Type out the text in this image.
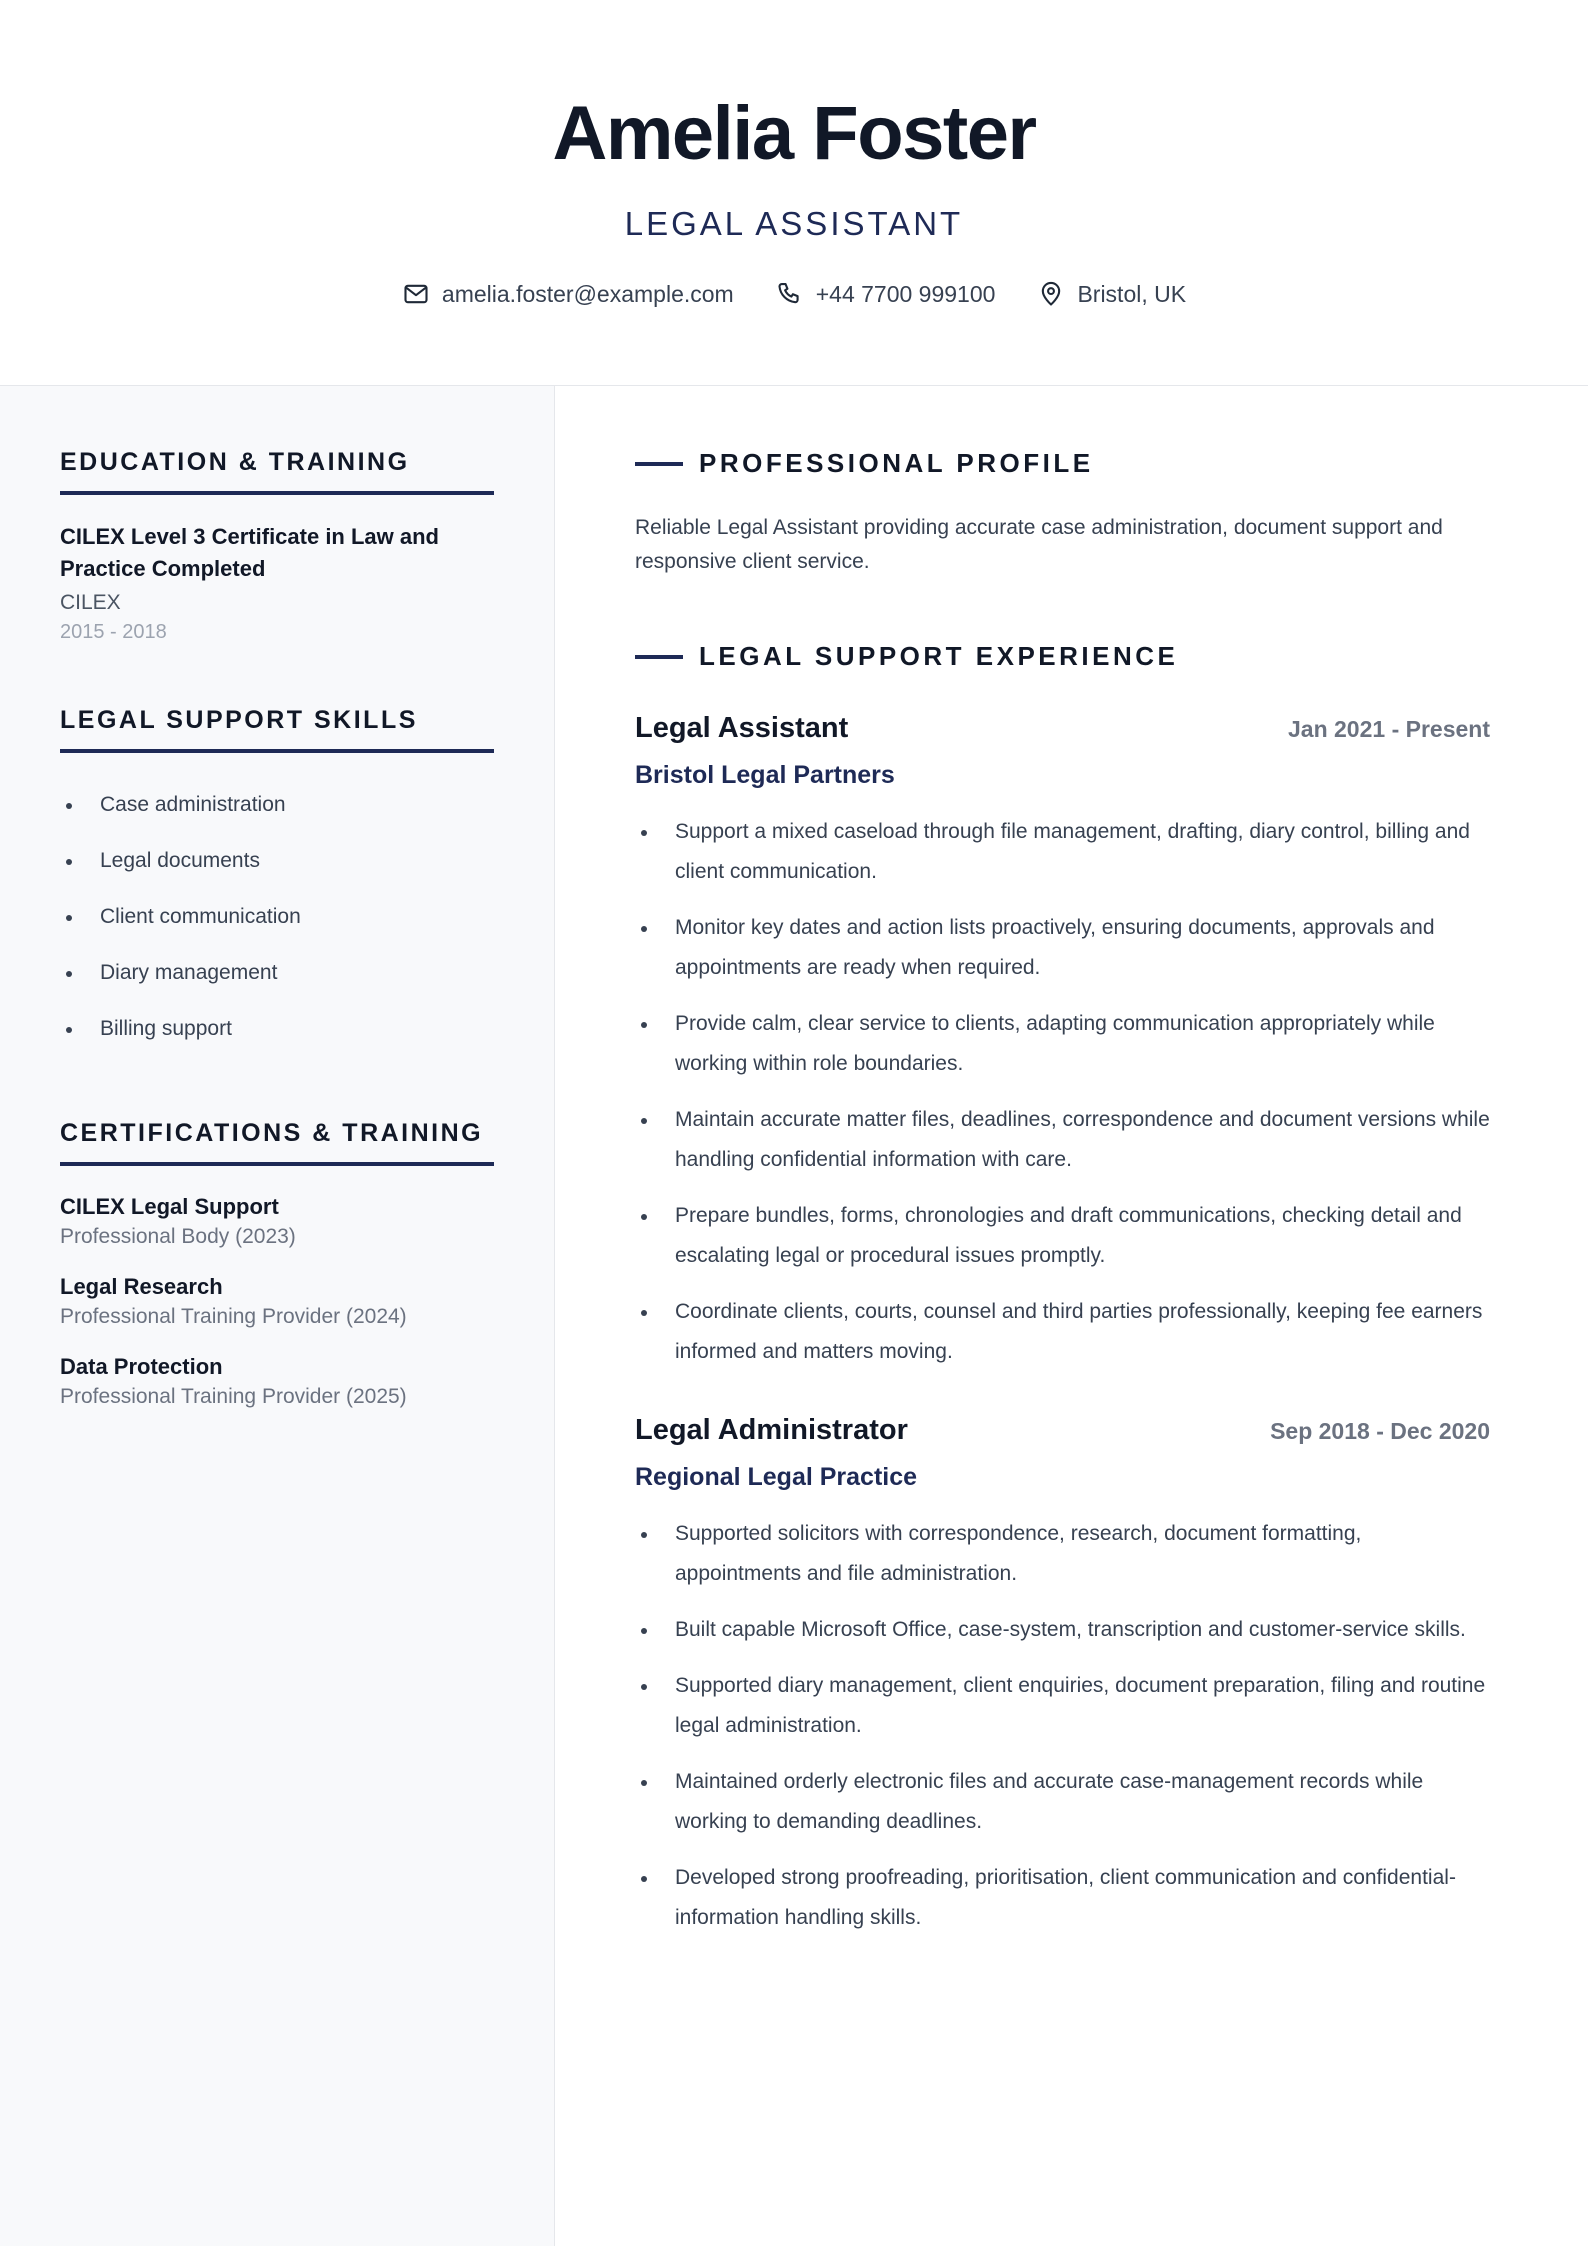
Amelia Foster
LEGAL ASSISTANT
amelia.foster@example.com	+44 7700 999100	Bristol, UK
EDUCATION & TRAINING
CILEX Level 3 Certificate in Law and Practice Completed
CILEX
2015 - 2018
LEGAL SUPPORT SKILLS
Case administration
Legal documents
Client communication
Diary management
Billing support
CERTIFICATIONS & TRAINING
CILEX Legal Support
Professional Body (2023)
Legal Research
Professional Training Provider (2024)
Data Protection
Professional Training Provider (2025)
PROFESSIONAL PROFILE
Reliable Legal Assistant providing accurate case administration, document support and responsive client service.
LEGAL SUPPORT EXPERIENCE
Legal Assistant	Jan 2021 - Present
Bristol Legal Partners
Support a mixed caseload through file management, drafting, diary control, billing and client communication.
Monitor key dates and action lists proactively, ensuring documents, approvals and appointments are ready when required.
Provide calm, clear service to clients, adapting communication appropriately while working within role boundaries.
Maintain accurate matter files, deadlines, correspondence and document versions while handling confidential information with care.
Prepare bundles, forms, chronologies and draft communications, checking detail and escalating legal or procedural issues promptly.
Coordinate clients, courts, counsel and third parties professionally, keeping fee earners informed and matters moving.
Legal Administrator	Sep 2018 - Dec 2020
Regional Legal Practice
Supported solicitors with correspondence, research, document formatting, appointments and file administration.
Built capable Microsoft Office, case-system, transcription and customer-service skills.
Supported diary management, client enquiries, document preparation, filing and routine legal administration.
Maintained orderly electronic files and accurate case-management records while working to demanding deadlines.
Developed strong proofreading, prioritisation, client communication and confidential-information handling skills.
